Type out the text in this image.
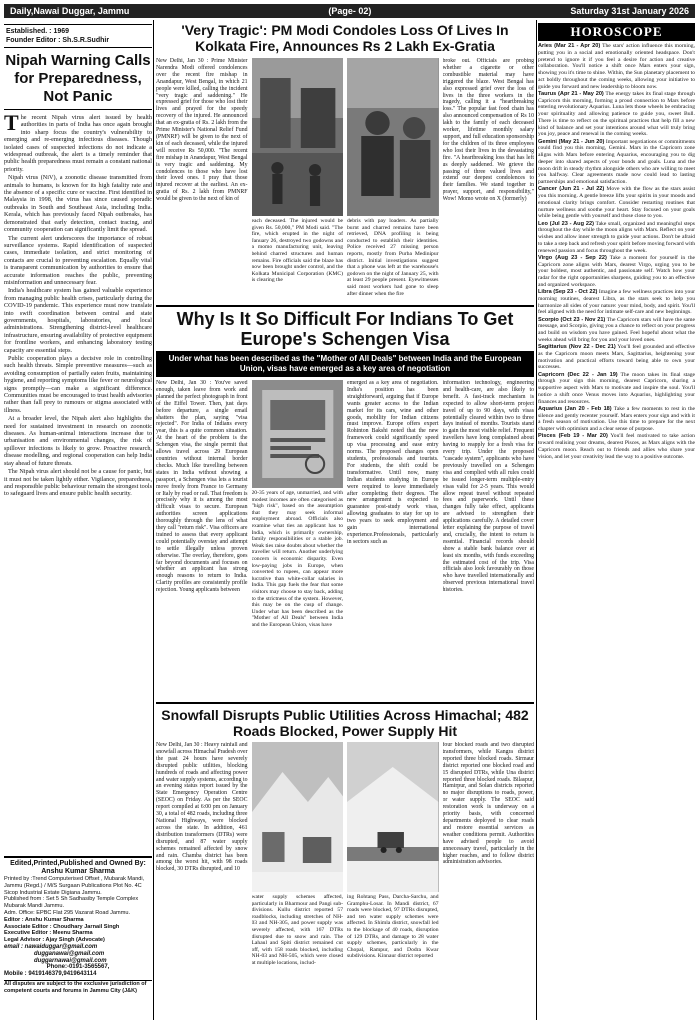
Daily,Nawai Duggar, Jammu	(Page- 02)	Saturday 31st January 2026
Established. : 1969
Founder Editor : Sh.S.R.Sudhir
Nipah Warning Calls for Preparedness, Not Panic

The recent Nipah virus alert issued by health authorities in parts of India has once again brought into sharp focus the country's vulnerability to emerging and re-emerging infectious diseases. Though isolated cases of suspected infections do not indicate a widespread outbreak, the alert is a timely reminder that public health preparedness must remain a constant national priority.

Nipah virus (NiV), a zoonotic disease transmitted from animals to humans, is known for its high fatality rate and the absence of a specific cure or vaccine. First identified in Malaysia in 1998, the virus has since caused sporadic outbreaks in South and Southeast Asia, including India. Kerala, which has previously faced Nipah outbreaks, has demonstrated that early detection, contact tracing, and community cooperation can significantly limit the spread.

The current alert underscores the importance of robust surveillance systems. Rapid identification of suspected cases, immediate isolation, and strict monitoring of contacts are crucial to preventing escalation. Equally vital is transparent communication by authorities to ensure that accurate information reaches the public, preventing misinformation and unnecessary fear.

India's healthcare system has gained valuable experience from managing public health crises, particularly during the COVID-19 pandemic. This experience must now translate into swift coordination between central and state governments, hospitals, laboratories, and local administrations. Strengthening district-level healthcare infrastructure, ensuring availability of protective equipment for frontline workers, and enhancing laboratory testing capacity are essential steps.

Public cooperation plays a decisive role in controlling such health threats. Simple preventive measures—such as avoiding consumption of partially eaten fruits, maintaining hygiene, and reporting symptoms like fever or neurological signs promptly—can make a significant difference. Communities must be encouraged to trust health advisories rather than fall prey to rumours or stigma associated with illness.

At a broader level, the Nipah alert also highlights the need for sustained investment in research on zoonotic diseases. As human-animal interactions increase due to urbanisation and environmental changes, the risk of spillover infections is likely to grow. Proactive research, disease modelling, and regional cooperation can help India stay ahead of future threats.

The Nipah virus alert should not be a cause for panic, but it must not be taken lightly either. Vigilance, preparedness, and responsible public behaviour remain the strongest tools to safeguard lives and ensure public health security.

Edited,Printed,Published and Owned By: Anshu Kumar Sharma
Printed by :Trend Computerised Offset , Mubarak Mandi, Jammu (Regd.) / M/S Surgaan Publications Plot No. 4C Sicop Industrial Estate Digiana Jammu.
Published from : Set 5 Sh Sadhasiby Temple Complex Mubarak Mandi Jammu.
Adm. Office: EPBC Flat 295 Vazarat Road Jammu.
Editor : Anshu Kumar Sharma
Associate Editor : Choudhary Jarnail Singh
Executive Editor : Meenu Sharma
Legal Advisor : Ajay Singh (Advocate)
email : nawaiduggar@gmail.com
dugganawai@gmail.com
duggarnawai@gmail.com
Phone:-0191-3565567,
Mobile : 9419146379,9419643114
All disputes are subject to the exclusive jurisdiction of competent courts and forums in Jammu City (J&K)
'Very Tragic': PM Modi Condoles Loss Of Lives In Kolkata Fire, Announces Rs 2 Lakh Ex-Gratia
New Delhi, Jan 30 : Prime Minister Narendra Modi offered condolences over the recent fire mishap in Anandapur, West Bengal, in which 21 people were killed, calling the incident "very tragic and saddening." He expressed grief for those who lost their lives and prayed for the speedy recovery of the injured. He announced that an ex-gratia of Rs. 2 lakh from the Prime Minister's National Relief Fund (PMNRF) will be given to the next of kin of each deceased, while the injured will receive Rs 50,000. "The recent fire mishap in Anandapur, West Bengal is very tragic and saddening. My condolences to those who have lost their loved ones. I pray that those injured recover at the earliest. An ex-gratia of Rs. 2 lakh from PMNRF would be given to the next of kin of
each deceased. The injured would be given Rs. 50,000," PM Modi said. "The fire, which erupted in the night of January 26, destroyed two godowns and a momo manufacturing unit, leaving behind charred structures and human remains. Fire officials said the blaze has now been brought under control, and the Kolkata Municipal Corporation (KMC) is clearing the
debris with pay loaders. As partially burnt and charred remains have been retrieved, DNA profiling is being conducted to establish their identities. Police received 27 missing person reports, mostly from Purba Medinipur district. Initial investigations suggest that a phone was left at the warehouse's godown on the night of January 25, with at least 29 people present. Eyewitnesses said most workers had gone to sleep after dinner when the fire
broke out. Officials are probing whether a cigarette or other combustible material may have triggered the blaze. West Bengal has also expressed grief over the loss of lives in the three workers in the tragedy, calling it a "heartbreaking loss." The popular fast food chain has also announced compensation of Rs 10 lakh to the family of each deceased worker, lifetime monthly salary support, and full education sponsorship for the children of its three employees who lost their lives in the devastating fire. "A heartbreaking loss that has left us deeply saddened. We grieve the passing of three valued lives and extend our deepest condolences to their families. We stand together in prayer, support, and responsibility," Wow! Momo wrote on X (formerly)
Why Is It So Difficult For Indians To Get Europe's Schengen Visa
Under what has been described as the "Mother of All Deals" between India and the European Union, visas have emerged as a key area of negotiation
New Delhi, Jan 30 : You've saved enough, taken leave from work and planned the perfect photograph in front of the Eiffel Tower. Then, just days before departure, a single email shatters the plan, saying "visa rejected". For India of Indians every year, this is a quite common situation. At the heart of the problem is the Schengen visa, the single permit that allows travel across 29 European countries without internal border checks. Much like travelling between states in India without showing a passport, a Schengen visa lets a tourist move freely from France to Germany or Italy by road or rail. That freedom is precisely why it is among the most difficult visas to secure. European authorities screen applications thoroughly through the lens of what they call "return risk". Visa officers are trained to assess that every applicant could potentially overstay and attempt to settle illegally unless proven otherwise. The overlay, therefore, goes far beyond documents and focuses on whether an applicant has strong enough reasons to return to India. Clarity profiles are consistently profile rejection. Young applicants between
20-35 years of age, unmarried, and with modest incomes are often categorised as "high risk", based on the assumption that they may seek informal employment abroad. Officials also examine what ties an applicant has to India, which is primarily ownership, family responsibilities or a stable job. Weak ties raise doubts about whether the traveller will return. Another underlying concern is economic disparity. Even low-paying jobs in Europe, when converted to rupees, can appear more lucrative than white-collar salaries in India. This gap fuels the fear that some visitors may choose to stay back, adding to the strictness of the system. However, this may be on the cusp of change. Under what has been described as the "Mother of All Deals" between India and the European Union, visas have
emerged as a key area of negotiation. India's position has been straightforward, arguing that if Europe wants greater access to the Indian market for its cars, wine and other goods, mobility for Indian citizens must improve. Europe offers expert Rohinton Bakshi noted that the new framework could significantly speed up visa processing and ease entry norms. The proposed changes open students, professionals and tourists. For students, the shift could be transformative. Until now, many Indian students studying in Europe were required to leave immediately after completing their degrees. The new arrangement is expected to guarantee post-study work visas, allowing graduates to stay for up to two years to seek employment and gain international experience.Professionals, particularly in sectors such as
information technology, engineering and health-care, are also likely to benefit. A fast-track mechanism is expected to allow short-term project travel of up to 90 days, with visas potentially cleared within two to three days instead of months. Tourists stand to gain the most visible relief. Frequent travellers have long complained about having to reapply for a fresh visa for every trip. Under the proposed "cascade system", applicants who have previously travelled on a Schengen visa and complied with all rules could be issued longer-term multiple-entry visas valid for 2-5 years. This would allow repeat travel without repeated fees and paperwork. Until these changes fully take effect, applicants are advised to strengthen their applications carefully. A detailed cover letter explaining the purpose of travel and, crucially, the intent to return is essential. Financial records should show a stable bank balance over at least six months, with funds exceeding the estimated cost of the trip. Visa officials also look favourably on those who have travelled internationally and observed previous international travel histories.
Snowfall Disrupts Public Utilities Across Himachal; 482 Roads Blocked, Power Supply Hit
New Delhi, Jan 30 : Heavy rainfall and snowfall across Himachal Pradesh over the past 24 hours have severely disrupted public utilities, blocking hundreds of roads and affecting power and water supply systems, according to an evening status report issued by the State Emergency Operation Centre (SEOC) on Friday. As per the SEOC report compiled at 6:00 pm on January 30, a total of 482 roads, including three National Highways, were blocked across the state. In addition, 461 distribution transformers (DTRs) were disrupted, and 87 water supply schemes remained affected by snow and rain. Chamba district has been among the worst hit, with 98 roads blocked, 30 DTRs disrupted, and 10
water supply schemes affected, particularly in Bharmour and Pangi sub-divisions. Kullu district reported 57 roadblocks, including stretches of NH-03 and NH-305, and power supply was severely affected, with 167 DTRs disrupted due to snow and rain. The Lahaul and Spiti district remained cut off, with 158 roads blocked, including NH-03 and NH-505, which were closed at multiple locations, includ-
ing Rohtang Pass, Darcha-Sarchu, and Gramphu-Losar. In Mandi district, 67 roads were blocked, 97 DTRs disrupted, and ten water supply schemes were affected. In Shimla district, snowfall led to the blockage of 40 roads, disruption of 129 DTRs, and damage to 28 water supply schemes, particularly in the Chopal, Rampur, and Dodra Kwar subdivisions. Kinnaur district reported
four blocked roads and two disrupted transformers, while Kangra district reported three blocked roads. Sirmaur district reported one blocked road and 15 disrupted DTRs, while Una district reported three blocked roads. Bilaspur, Hamirpur, and Solan districts reported no major disruptions to roads, power, or water supply. The SEOC said restoration work is underway on a priority basis, with concerned departments deployed to clear roads and restore essential services as weather conditions permit. Authorities have advised people to avoid unnecessary travel, particularly in the higher reaches, and to follow district administration advisories.
HOROSCOPE

Aries (Mar 21 - Apr 20) The stars' action influence this morning, putting you in a social and emotionally oriented headspace. Don't pretend to ignore it if you feel a desire for action and creative collaboration. You'll notice a shift once Mars enters your sign, showing you it's time to shine. Within, the Sun planetary placement to act boldly throughout the coming weeks, allowing your initiative to guide you forward and new leadership to bloom now.

Taurus (Apr 21 - May 20) The energy takes its final stage through Capricorn this morning, forming a proud connection to Mars before entering revolutionary Aquarius. Luna lets those wheels be embracing your spirituality and allowing patience to guide you, sweet Bull. There is time to reflect on the spiritual practices that help fill a new kind of balance and set your intentions around what will truly bring you joy, peace and renewal in the coming weeks.

Gemini (May 21 - Jun 20) Important negotiations or commitments could find you this morning, Gemini. Mars in the Capricorn zone aligns with Mars before entering Aquarius, encouraging you to dig deeper into shared aspects of your bonds and goals. Luna and the moon drift in steady rhythm alongside others who are willing to meet you halfway. Clear agreements made now could lead to lasting partnerships and emotional satisfaction.

Cancer (Jun 21 - Jul 22) Move with the flow as the stars assist you this morning. A gentle breeze lifts your spirits in your moods and emotional clarity brings comfort. Consider restarting routines that nurture wellness and soothe your heart. Stay focused on your goals while being gentle with yourself and those close to you.

Leo (Jul 23 - Aug 22) Take small, organized and meaningful steps throughout the day while the moon aligns with Mars. Reflect on your wishes and allow inner strength to guide your actions. Don't be afraid to take a step back and refresh your spirit before moving forward with renewed passion and focus throughout the week.

Virgo (Aug 23 - Sep 22) Take a moment for yourself in the Capricorn zone aligns with Mars, dearest Virgo, urging you to be your boldest, most authentic, and passionate self. Watch how your radar for the right opportunities sharpens, guiding you to an effective and organized workspace.

Libra (Sep 23 - Oct 22) Imagine a few wellness practices into your morning routines, dearest Libra, as the stars seek to help you harmonize all sides of your nature: your mind, body, and spirit. You'll feel aligned with the need for intimate self-care and new beginnings.

Scorpio (Oct 23 - Nov 21) The Capricorn stars will have the same message, and Scorpio, giving you a chance to reflect on your progress and build on wisdom you have gained. Feel hopeful about what the weeks ahead will bring for you and your loved ones.

Sagittarius (Nov 22 - Dec 21) You'll feel grounded and effective as the Capricorn moon meets Mars, Sagittarius, heightening your motivation and practical efforts toward being able to own your successes.

Capricorn (Dec 22 - Jan 19) The moon takes its final stage through your sign this morning, dearest Capricorn, sharing a supportive aspect with Mars to motivate and inspire the soul. You'll notice a shift once Venus moves into Aquarius, highlighting your finances and resources.

Aquarius (Jan 20 - Feb 18) Take a few moments to rest in the silence and gently recenter yourself. Mars enters your sign and with it a fresh season of motivation. Use this time to prepare for the next chapter with optimism and a clear sense of purpose.

Pisces (Feb 19 - Mar 20) You'll feel motivated to take action toward realising your dreams, dearest Pisces, as Mars aligns with the Capricorn moon. Reach out to friends and allies who share your vision, and let your creativity lead the way to a positive outcome.
